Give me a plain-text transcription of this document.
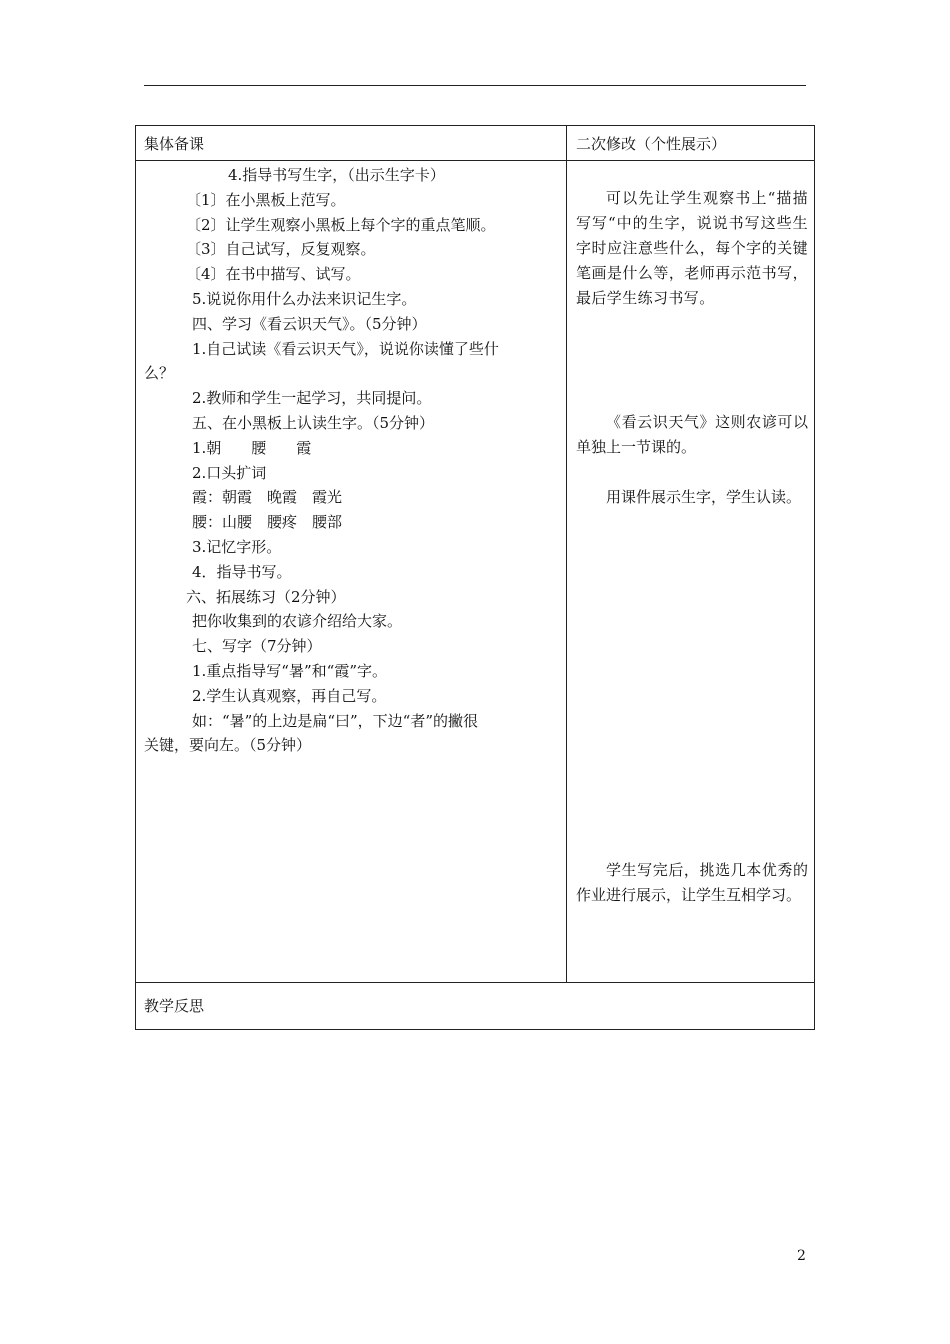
集体备课	二次修改（个性展示）
4.指导书写生字，（出示生字卡）
〔1〕在小黑板上范写。
〔2〕让学生观察小黑板上每个字的重点笔顺。
〔3〕自己试写，反复观察。
〔4〕在书中描写、试写。
5.说说你用什么办法来识记生字。
四、学习《看云识天气》。（5分钟）
1.自己试读《看云识天气》，说说你读懂了些什
么？
2.教师和学生一起学习，共同提问。
五、在小黑板上认读生字。（5分钟）
1.朝　　腰　　霞
2.口头扩词
霞：朝霞　晚霞　霞光
腰：山腰　腰疼　腰部
3.记忆字形。
4．指导书写。
六、拓展练习（2分钟）
把你收集到的农谚介绍给大家。
七、写字（7分钟）
1.重点指导写“暑”和“霞”字。
2.学生认真观察，再自己写。
如：“暑”的上边是扁“曰”，下边“者”的撇很
关键，要向左。（5分钟）

可以先让学生观察书上“描描写写“中的生字，说说书写这些生字时应注意些什么，每个字的关键笔画是什么等，老师再示范书写，最后学生练习书写。

《看云识天气》这则农谚可以单独上一节课的。

用课件展示生字，学生认读。

学生写完后，挑选几本优秀的作业进行展示，让学生互相学习。

教学反思
2
